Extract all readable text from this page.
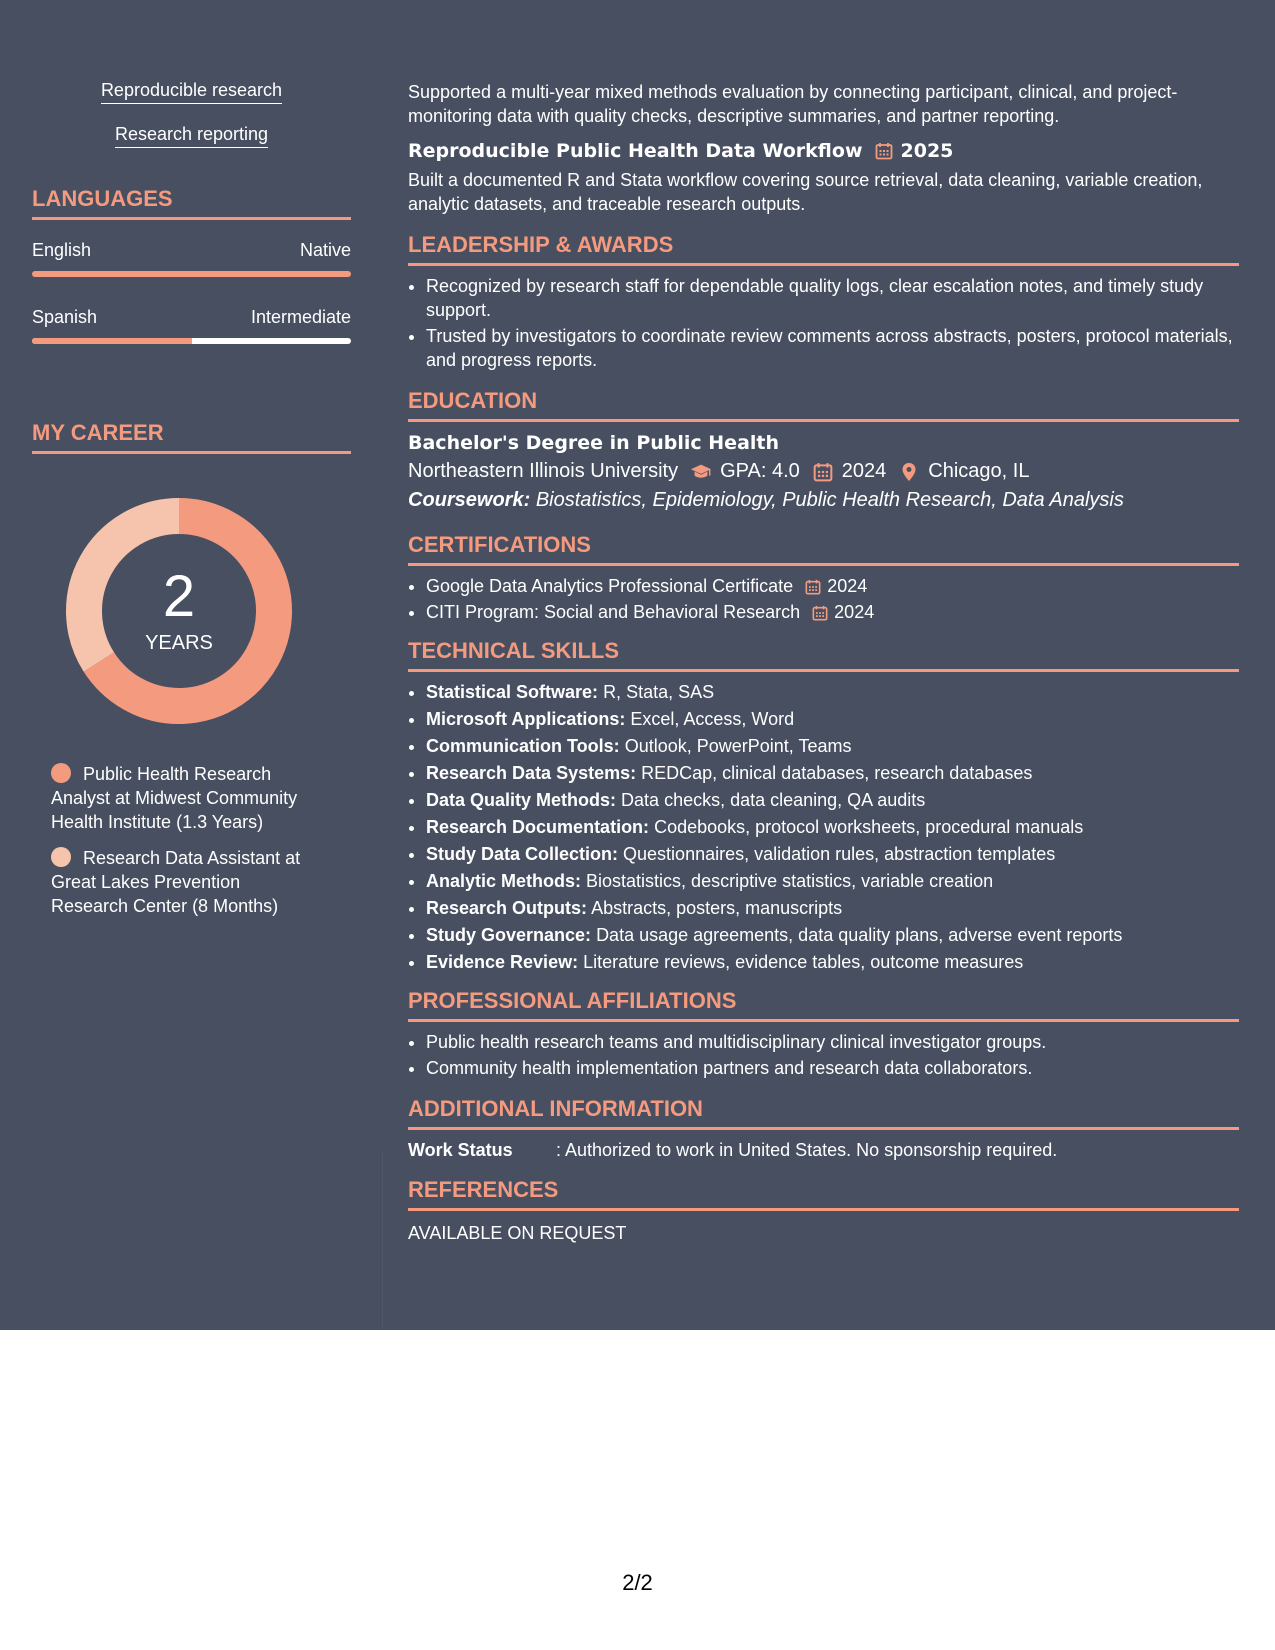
Reproducible research
Research reporting
LANGUAGES
English	Native
Spanish	Intermediate
MY CAREER
2
YEARS
Public Health Research Analyst at Midwest Community Health Institute (1.3 Years)
Research Data Assistant at Great Lakes Prevention Research Center (8 Months)
Supported a multi-year mixed methods evaluation by connecting participant, clinical, and project-monitoring data with quality checks, descriptive summaries, and partner reporting.
Reproducible Public Health Data Workflow 2025
Built a documented R and Stata workflow covering source retrieval, data cleaning, variable creation, analytic datasets, and traceable research outputs.
LEADERSHIP & AWARDS
• Recognized by research staff for dependable quality logs, clear escalation notes, and timely study support.
• Trusted by investigators to coordinate review comments across abstracts, posters, protocol materials, and progress reports.
EDUCATION
Bachelor's Degree in Public Health
Northeastern Illinois University GPA: 4.0 2024 Chicago, IL
Coursework: Biostatistics, Epidemiology, Public Health Research, Data Analysis
CERTIFICATIONS
• Google Data Analytics Professional Certificate 2024
• CITI Program: Social and Behavioral Research 2024
TECHNICAL SKILLS
• Statistical Software: R, Stata, SAS
• Microsoft Applications: Excel, Access, Word
• Communication Tools: Outlook, PowerPoint, Teams
• Research Data Systems: REDCap, clinical databases, research databases
• Data Quality Methods: Data checks, data cleaning, QA audits
• Research Documentation: Codebooks, protocol worksheets, procedural manuals
• Study Data Collection: Questionnaires, validation rules, abstraction templates
• Analytic Methods: Biostatistics, descriptive statistics, variable creation
• Research Outputs: Abstracts, posters, manuscripts
• Study Governance: Data usage agreements, data quality plans, adverse event reports
• Evidence Review: Literature reviews, evidence tables, outcome measures
PROFESSIONAL AFFILIATIONS
• Public health research teams and multidisciplinary clinical investigator groups.
• Community health implementation partners and research data collaborators.
ADDITIONAL INFORMATION
Work Status	: Authorized to work in United States. No sponsorship required.
REFERENCES
AVAILABLE ON REQUEST
2/2
